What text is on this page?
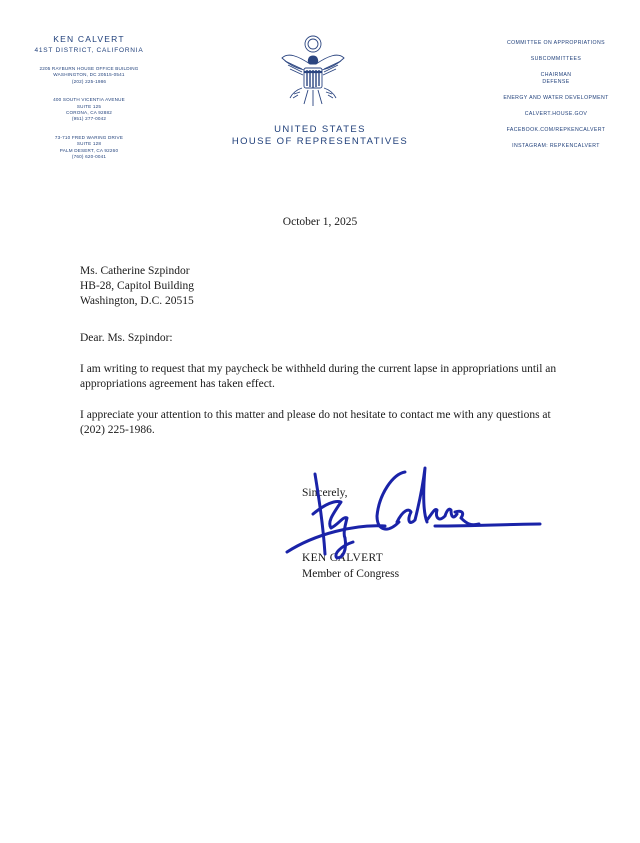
KEN CALVERT
41ST DISTRICT, CALIFORNIA
2205 RAYBURN HOUSE OFFICE BUILDING
WASHINGTON, DC 20515-0541
(202) 225-1986
400 SOUTH VICENTIA AVENUE
SUITE 125
CORONA, CA 92882
(951) 277-0042
73-710 FRED WARING DRIVE
SUITE 128
PALM DESERT, CA 92260
(760) 620-0041
UNITED STATES
HOUSE OF REPRESENTATIVES
COMMITTEE ON APPROPRIATIONS
SUBCOMMITTEES
CHAIRMAN
DEFENSE
ENERGY AND WATER DEVELOPMENT
CALVERT.HOUSE.GOV
FACEBOOK.COM/REPKENCALVERT
INSTAGRAM: REPKENCALVERT
October 1, 2025
Ms. Catherine Szpindor
HB-28, Capitol Building
Washington, D.C. 20515
Dear. Ms. Szpindor:
I am writing to request that my paycheck be withheld during the current lapse in appropriations until an appropriations agreement has taken effect.
I appreciate your attention to this matter and please do not hesitate to contact me with any questions at (202) 225-1986.
Sincerely,
KEN CALVERT
Member of Congress
